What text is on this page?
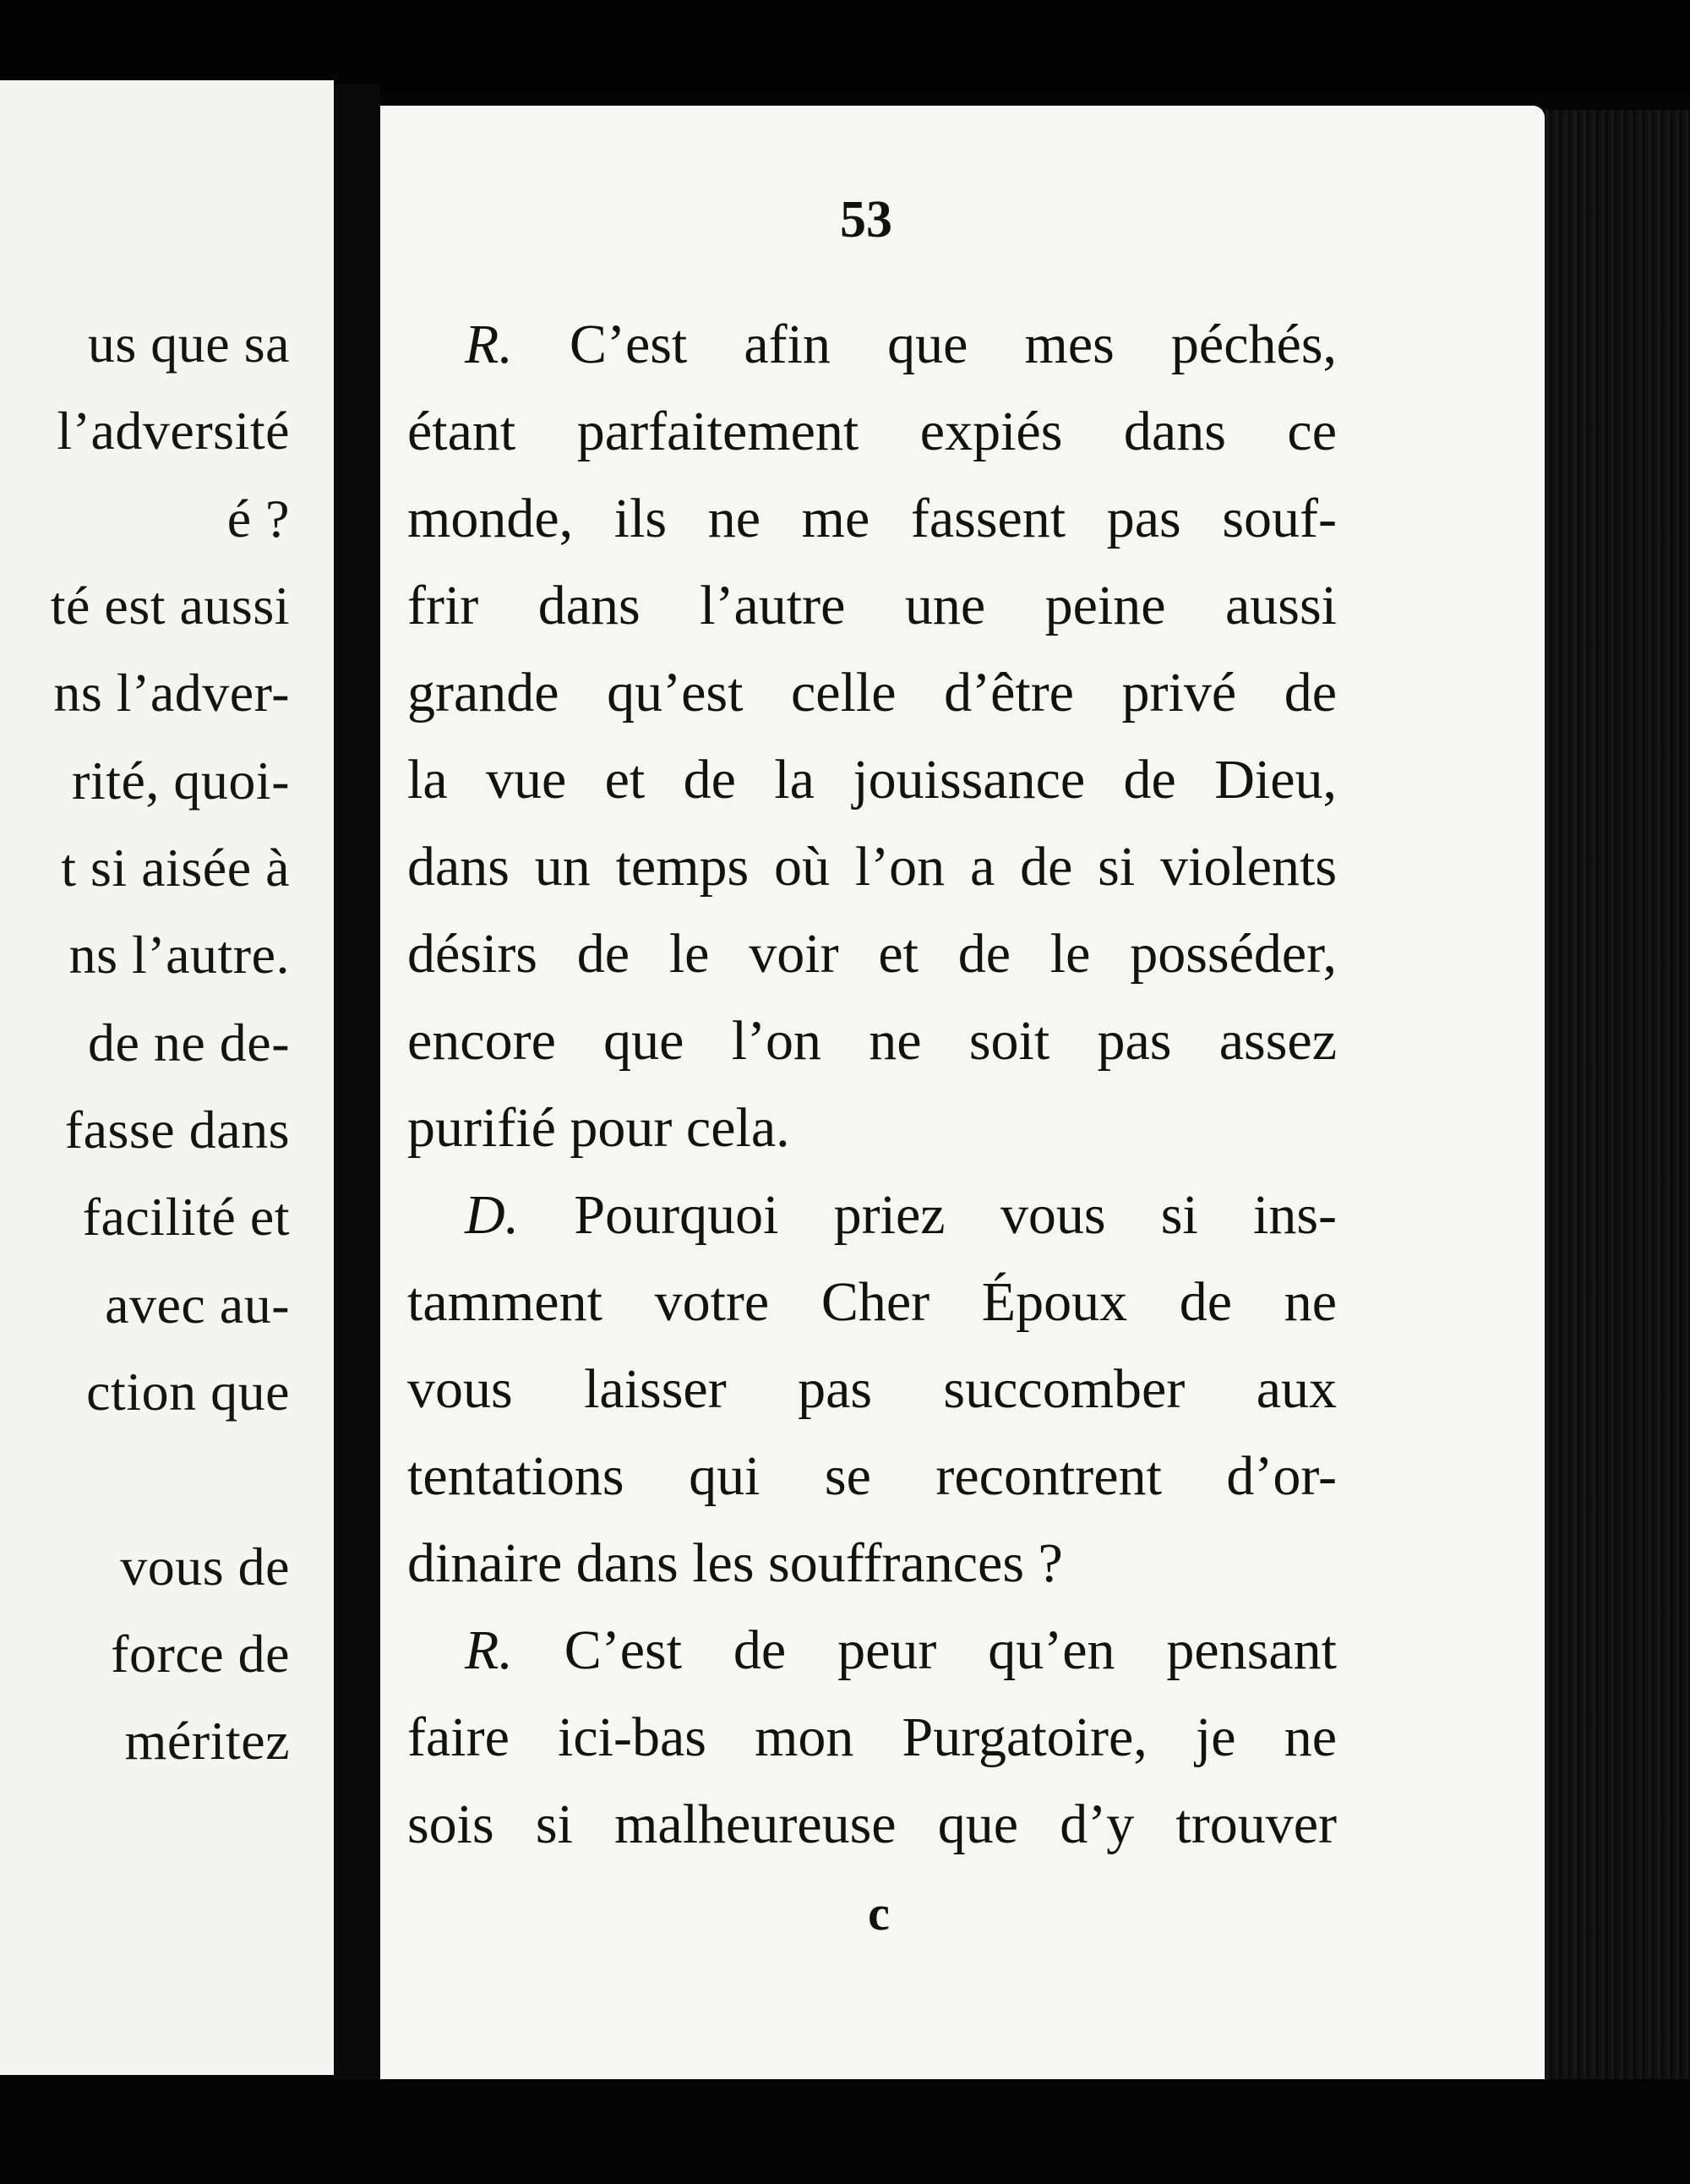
us que sa
l’adversité
é ?
té est aussi
ns l’adver-
rité, quoi-
t si aisée à
ns l’autre.
de ne de-
fasse dans
facilité et
avec au-
ction que
vous de
force de
méritez
53
R. C’est afin que mes péchés,
étant parfaitement expiés dans ce
monde, ils ne me fassent pas souf-
frir dans l’autre une peine aussi
grande qu’est celle d’être privé de
la vue et de la jouissance de Dieu,
dans un temps où l’on a de si violents
désirs de le voir et de le posséder,
encore que l’on ne soit pas assez
purifié pour cela.
D. Pourquoi priez vous si ins-
tamment votre Cher Époux de ne
vous laisser pas succomber aux
tentations qui se recontrent d’or-
dinaire dans les souffrances ?
R. C’est de peur qu’en pensant
faire ici-bas mon Purgatoire, je ne
sois si malheureuse que d’y trouver
c
